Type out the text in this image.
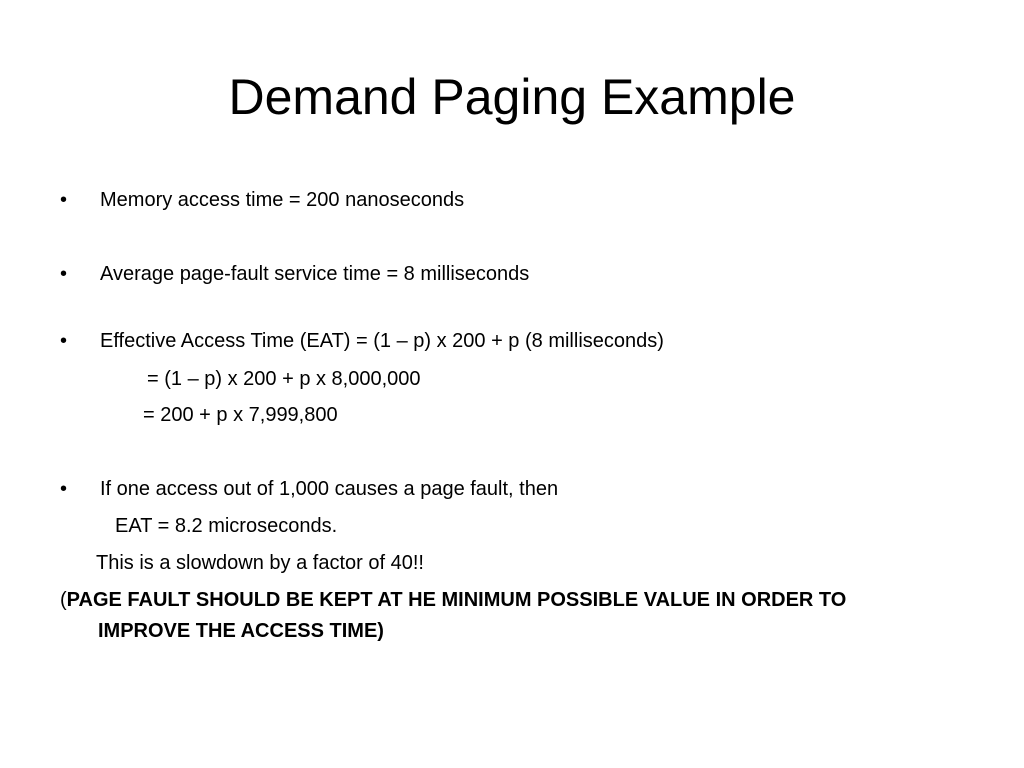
Demand Paging Example
• Memory access time = 200 nanoseconds
• Average page-fault service time = 8 milliseconds
• Effective Access Time (EAT) = (1 – p) x 200 + p (8 milliseconds)
= (1 – p) x 200 + p x 8,000,000
= 200 + p x 7,999,800
• If one access out of 1,000 causes a page fault, then
EAT = 8.2 microseconds.
This is a slowdown by a factor of 40!!
(PAGE FAULT SHOULD BE KEPT AT HE MINIMUM POSSIBLE VALUE IN ORDER TO
IMPROVE THE ACCESS TIME)
